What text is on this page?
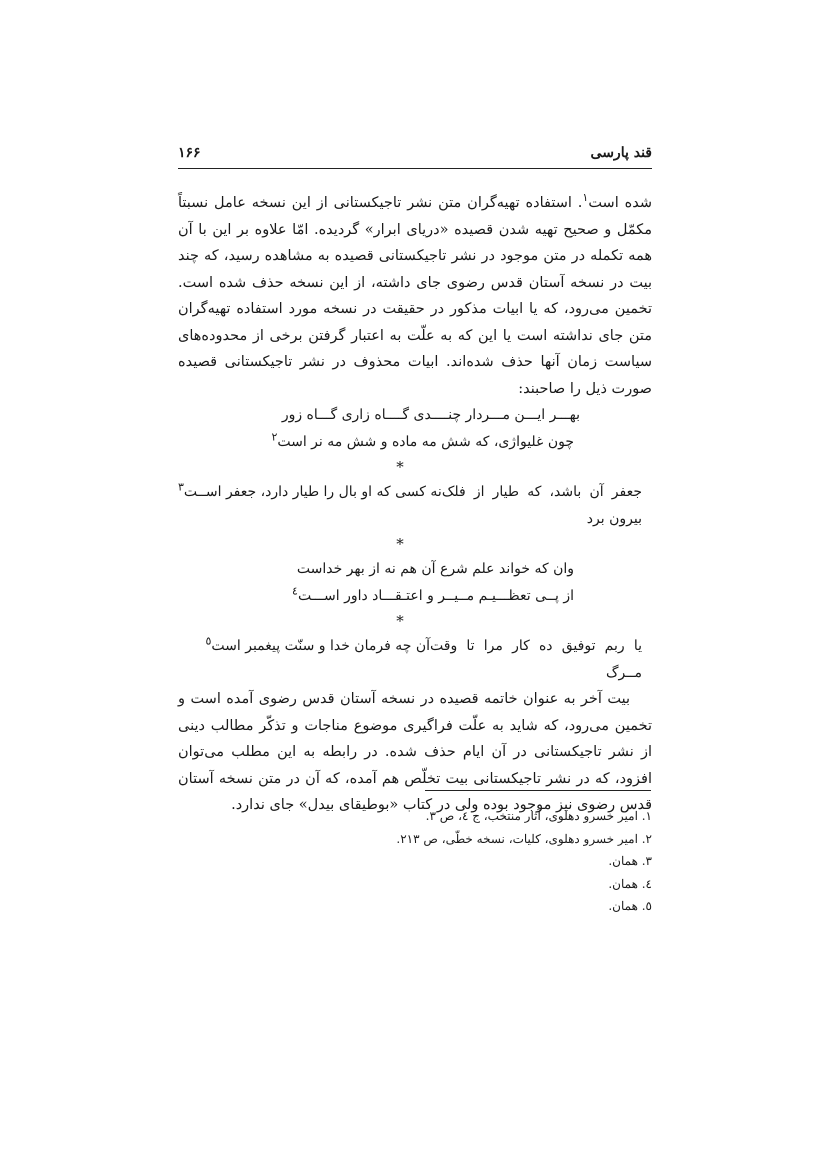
قند پارسی
۱۶۶

شده است$^۱$. استفاده تهیه‌گران متن نشر تاجیکستانی از این نسخه عامل نسبتاً مکمّل و صحیح تهیه شدن قصیده «دریای ابرار» گردیده. امّا علاوه بر این با آن همه تکمله در متن موجود در نشر تاجیکستانی قصیده به مشاهده رسید، که چند بیت در نسخه آستان قدس رضوی جای داشته، از این نسخه حذف شده است. تخمین می‌رود، که یا ابیات مذکور در حقیقت در نسخه مورد استفاده تهیه‌گران متن جای نداشته است یا این که به علّت به اعتبار گرفتن برخی از محدوده‌های سیاست زمان آنها حذف شده‌اند. ابیات محذوف در نشر تاجیکستانی قصیده صورت ذیل را صاحبند:

بهـــر ایـــن مـــردار چنــــدی گــــاه زاری گـــاه زور
چون غلیواژی، که شش مه ماده و شش مه نر است$^۲$
*
جعفر آن باشد، که طیار از فلک بیرون برد
نه کسی که او بال را طیار دارد، جعفر اســت$^۳$
*
وان که خواند علم شرع آن هم نه از بهر خداست
از پــی تعظـــیـم مــیــر و اعتـقـــاد داور اســـت$^٤$
*
یا ربم توفیق ده کار مرا تا وقت مــرگ
آن چه فرمان خدا و سنّت پیغمبر است$^٥$

بیت آخر به عنوان خاتمه قصیده در نسخه آستان قدس رضوی آمده است و تخمین می‌رود، که شاید به علّت فراگیری موضوع مناجات و تذکّر مطالب دینی از نشر تاجیکستانی در آن ایام حذف شده. در رابطه به این مطلب می‌توان افزود، که در نشر تاجیکستانی بیت تخلّص هم آمده، که آن در متن نسخه آستان قدس رضوی نیز موجود بوده ولی در کتاب «بوطیقای بیدل» جای ندارد.

۱. امیر خسرو دهلوی، آثار منتخب، ج ٤، ص ۳.
۲. امیر خسرو دهلوی، کلیات، نسخه خطّی، ص ۲۱۳.
۳. همان.
٤. همان.
٥. همان.
